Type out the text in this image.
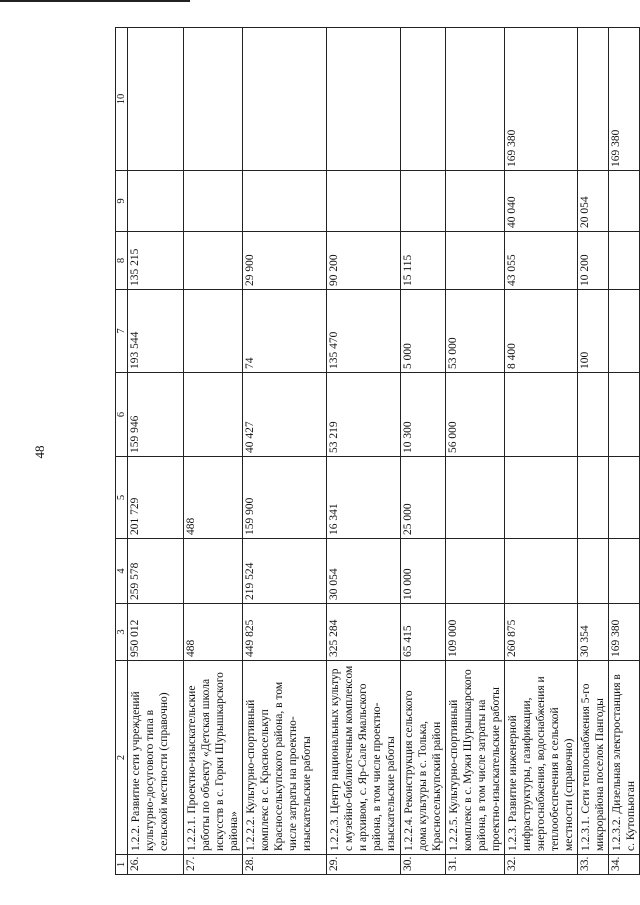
48
1	2	3	4	5	6	7	8	9	10
26.	1.2.2. Развитие сети учреждений культурно-досугового типа в сельской местности (справочно)	950 012	259 578	201 729	159 946	193 544	135 215		
27.	1.2.2.1. Проектно-изыскательские работы по объекту «Детская школа искусств в с. Горки Шурышкарского района»	488		488					
28.	1.2.2.2. Культурно-спортивный комплекс в с. Красноселькуп Красноселькупского района, в том числе затраты на проектно-изыскательские работы	449 825	219 524	159 900	40 427	74	29 900		
29.	1.2.2.3. Центр национальных культур с музейно-библиотечным комплексом и архивом, с. Яр-Сале Ямальского района, в том числе проектно-изыскательские работы	325 284	30 054	16 341	53 219	135 470	90 200		
30.	1.2.2.4. Реконструкция сельского дома культуры в с. Толька, Красноселькупский район	65 415	10 000	25 000	10 300	5 000	15 115		
31.	1.2.2.5. Культурно-спортивный комплекс в с. Мужи Шурышкарского района, в том числе затраты на проектно-изыскательские работы	109 000			56 000	53 000			
32.	1.2.3. Развитие инженерной инфраструктуры, газификации, энергоснабжения, водоснабжения и теплообеспечения в сельской местности (справочно)	260 875				8 400	43 055	40 040	169 380
33.	1.2.3.1. Сети теплоснабжения 5-го микрорайона поселок Пангоды	30 354				100	10 200	20 054	
34.	1.2.3.2. Дизельная электростанция в с. Кутопьюган	169 380							169 380
